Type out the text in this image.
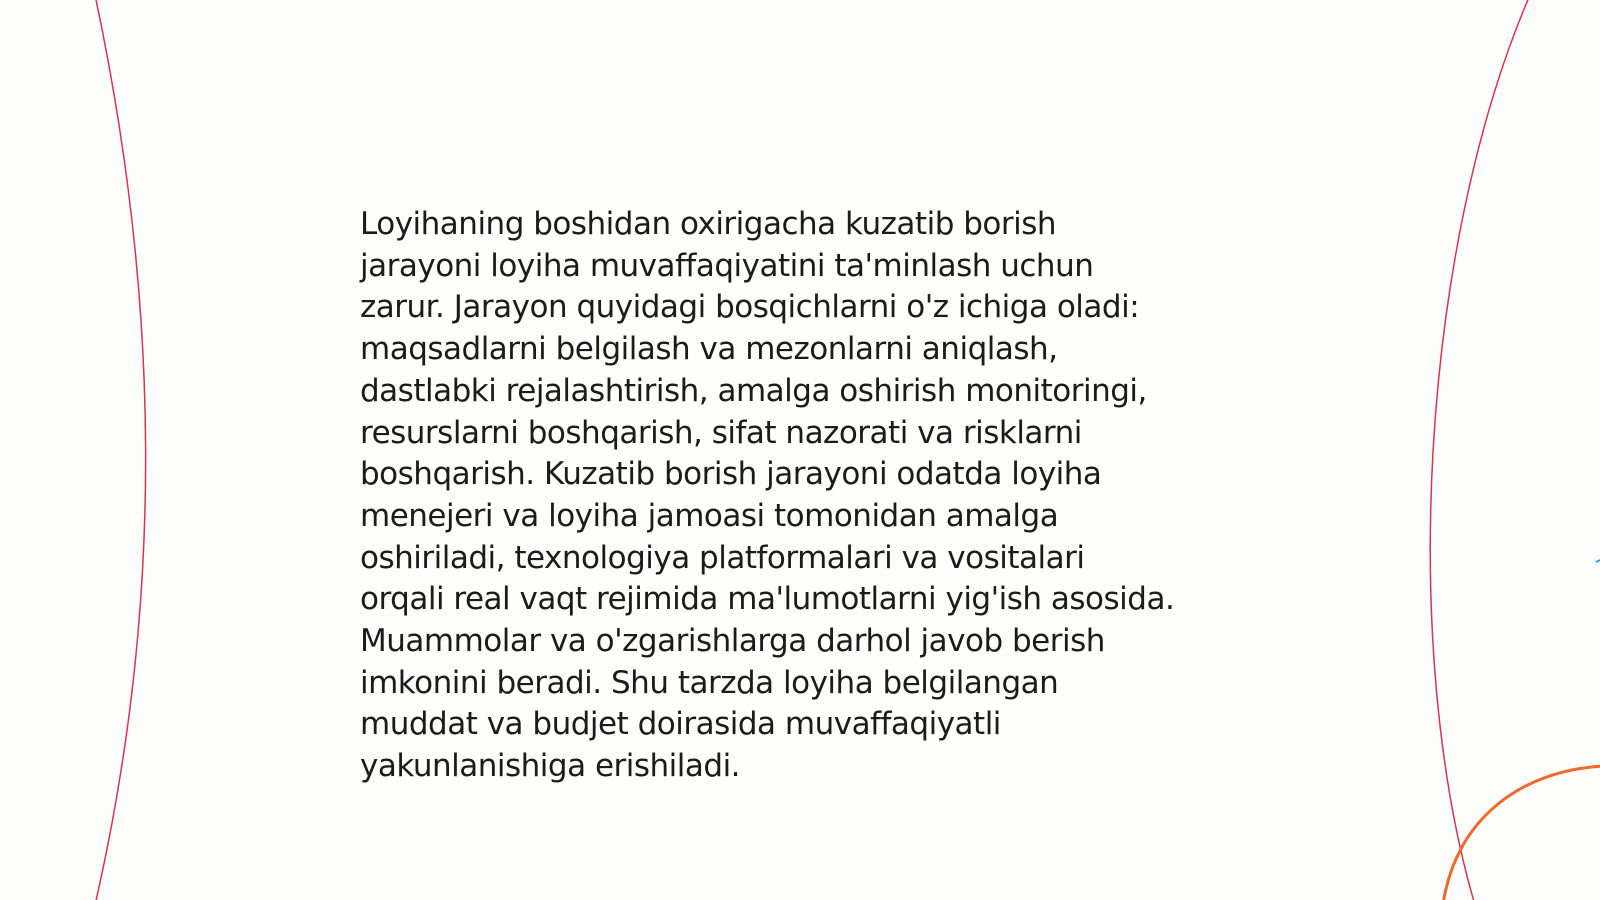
Loyihaning boshidan oxirigacha kuzatib borish
jarayoni loyiha muvaffaqiyatini ta'minlash uchun
zarur. Jarayon quyidagi bosqichlarni o'z ichiga oladi:
maqsadlarni belgilash va mezonlarni aniqlash,
dastlabki rejalashtirish, amalga oshirish monitoringi,
resurslarni boshqarish, sifat nazorati va risklarni
boshqarish. Kuzatib borish jarayoni odatda loyiha
menejeri va loyiha jamoasi tomonidan amalga
oshiriladi, texnologiya platformalari va vositalari
orqali real vaqt rejimida ma'lumotlarni yig'ish asosida.
Muammolar va o'zgarishlarga darhol javob berish
imkonini beradi. Shu tarzda loyiha belgilangan
muddat va budjet doirasida muvaffaqiyatli
yakunlanishiga erishiladi.
